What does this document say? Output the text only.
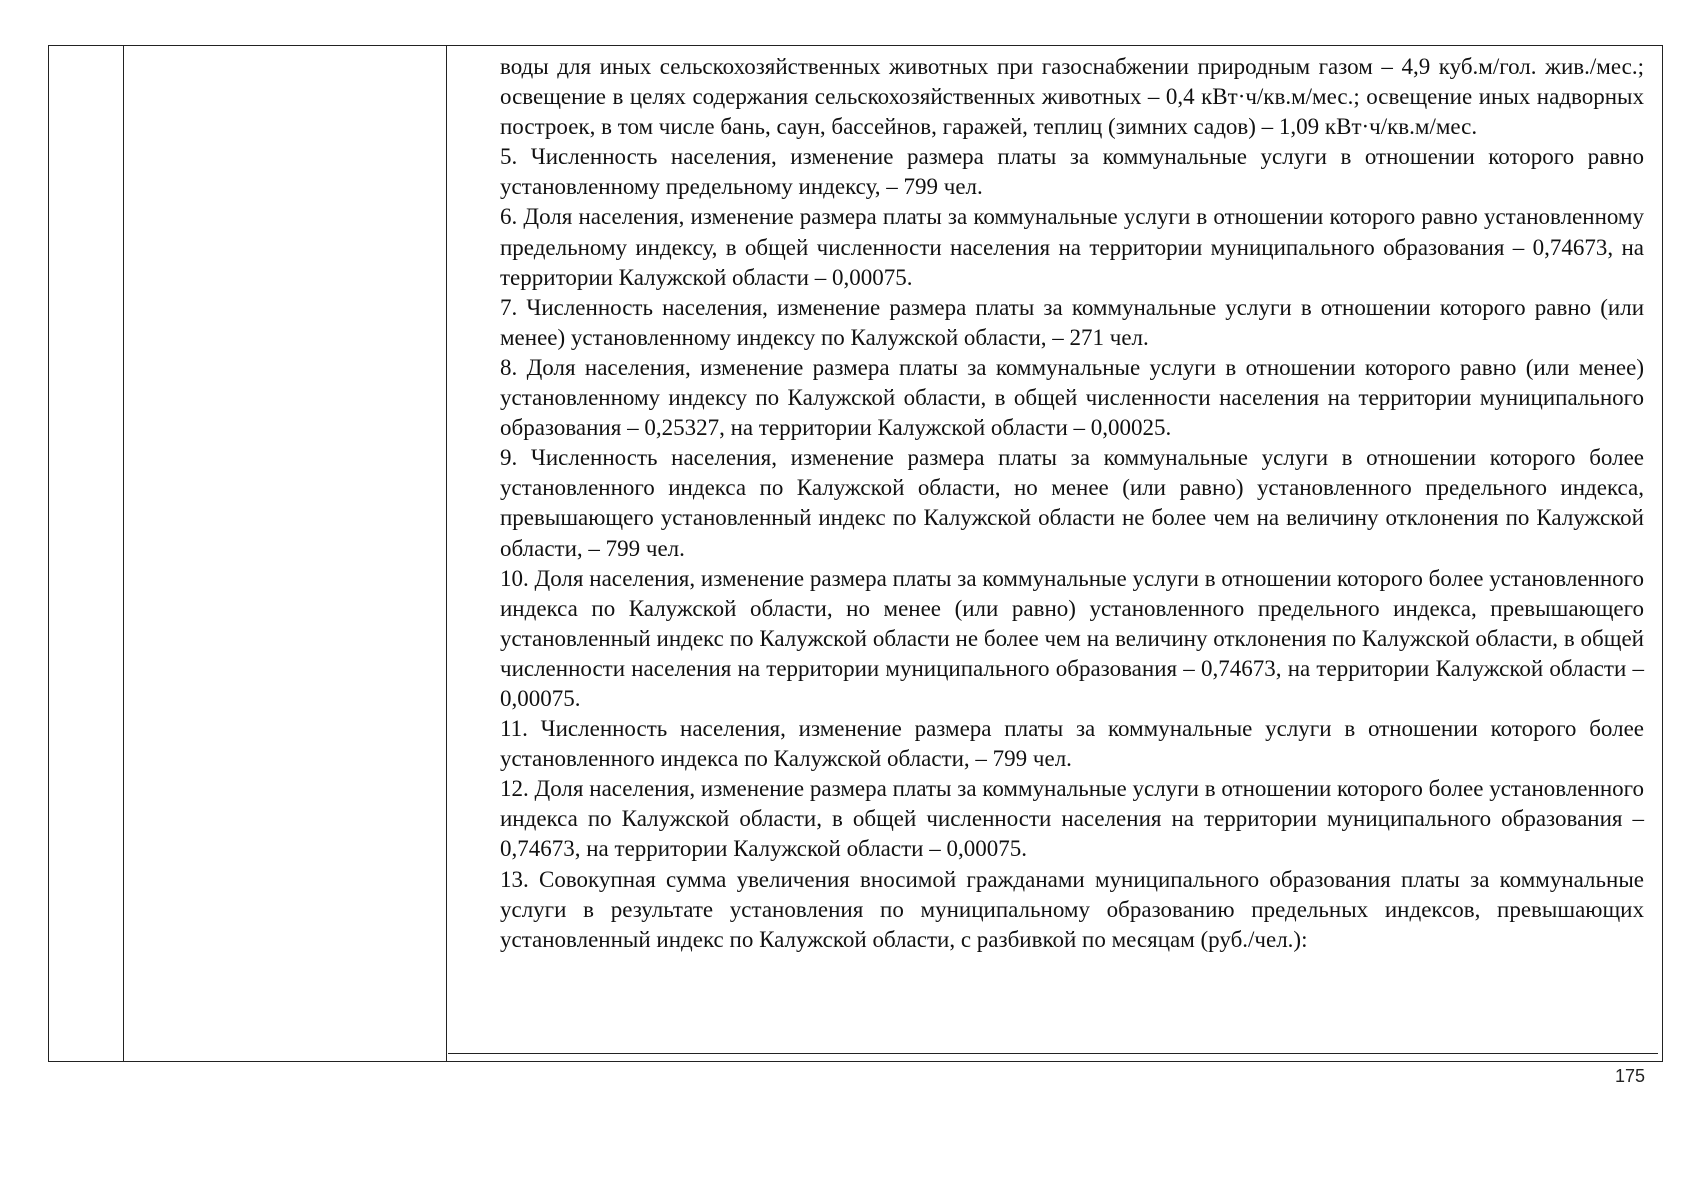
воды для иных сельскохозяйственных животных при газоснабжении природным газом – 4,9 куб.м/гол. жив./мес.; освещение в целях содержания сельскохозяйственных животных – 0,4 кВт·ч/кв.м/мес.; освещение иных надворных построек, в том числе бань, саун, бассейнов, гаражей, теплиц (зимних садов) – 1,09 кВт·ч/кв.м/мес.

5. Численность населения, изменение размера платы за коммунальные услуги в отношении которого равно установленному предельному индексу, – 799 чел.

6. Доля населения, изменение размера платы за коммунальные услуги в отношении которого равно установленному предельному индексу, в общей численности населения на территории муниципального образования – 0,74673, на территории Калужской области – 0,00075.

7. Численность населения, изменение размера платы за коммунальные услуги в отношении которого равно (или менее) установленному индексу по Калужской области, – 271 чел.

8. Доля населения, изменение размера платы за коммунальные услуги в отношении которого равно (или менее) установленному индексу по Калужской области, в общей численности населения на территории муниципального образования – 0,25327, на территории Калужской области – 0,00025.

9. Численность населения, изменение размера платы за коммунальные услуги в отношении которого более установленного индекса по Калужской области, но менее (или равно) установленного предельного индекса, превышающего установленный индекс по Калужской области не более чем на величину отклонения по Калужской области, – 799 чел.

10. Доля населения, изменение размера платы за коммунальные услуги в отношении которого более установленного индекса по Калужской области, но менее (или равно) установленного предельного индекса, превышающего установленный индекс по Калужской области не более чем на величину отклонения по Калужской области, в общей численности населения на территории муниципального образования – 0,74673, на территории Калужской области – 0,00075.

11. Численность населения, изменение размера платы за коммунальные услуги в отношении которого более установленного индекса по Калужской области, – 799 чел.

12. Доля населения, изменение размера платы за коммунальные услуги в отношении которого более установленного индекса по Калужской области, в общей численности населения на территории муниципального образования – 0,74673, на территории Калужской области – 0,00075.

13. Совокупная сумма увеличения вносимой гражданами муниципального образования платы за коммунальные услуги в результате установления по муниципальному образованию предельных индексов, превышающих установленный индекс по Калужской области, с разбивкой по месяцам (руб./чел.):

175
